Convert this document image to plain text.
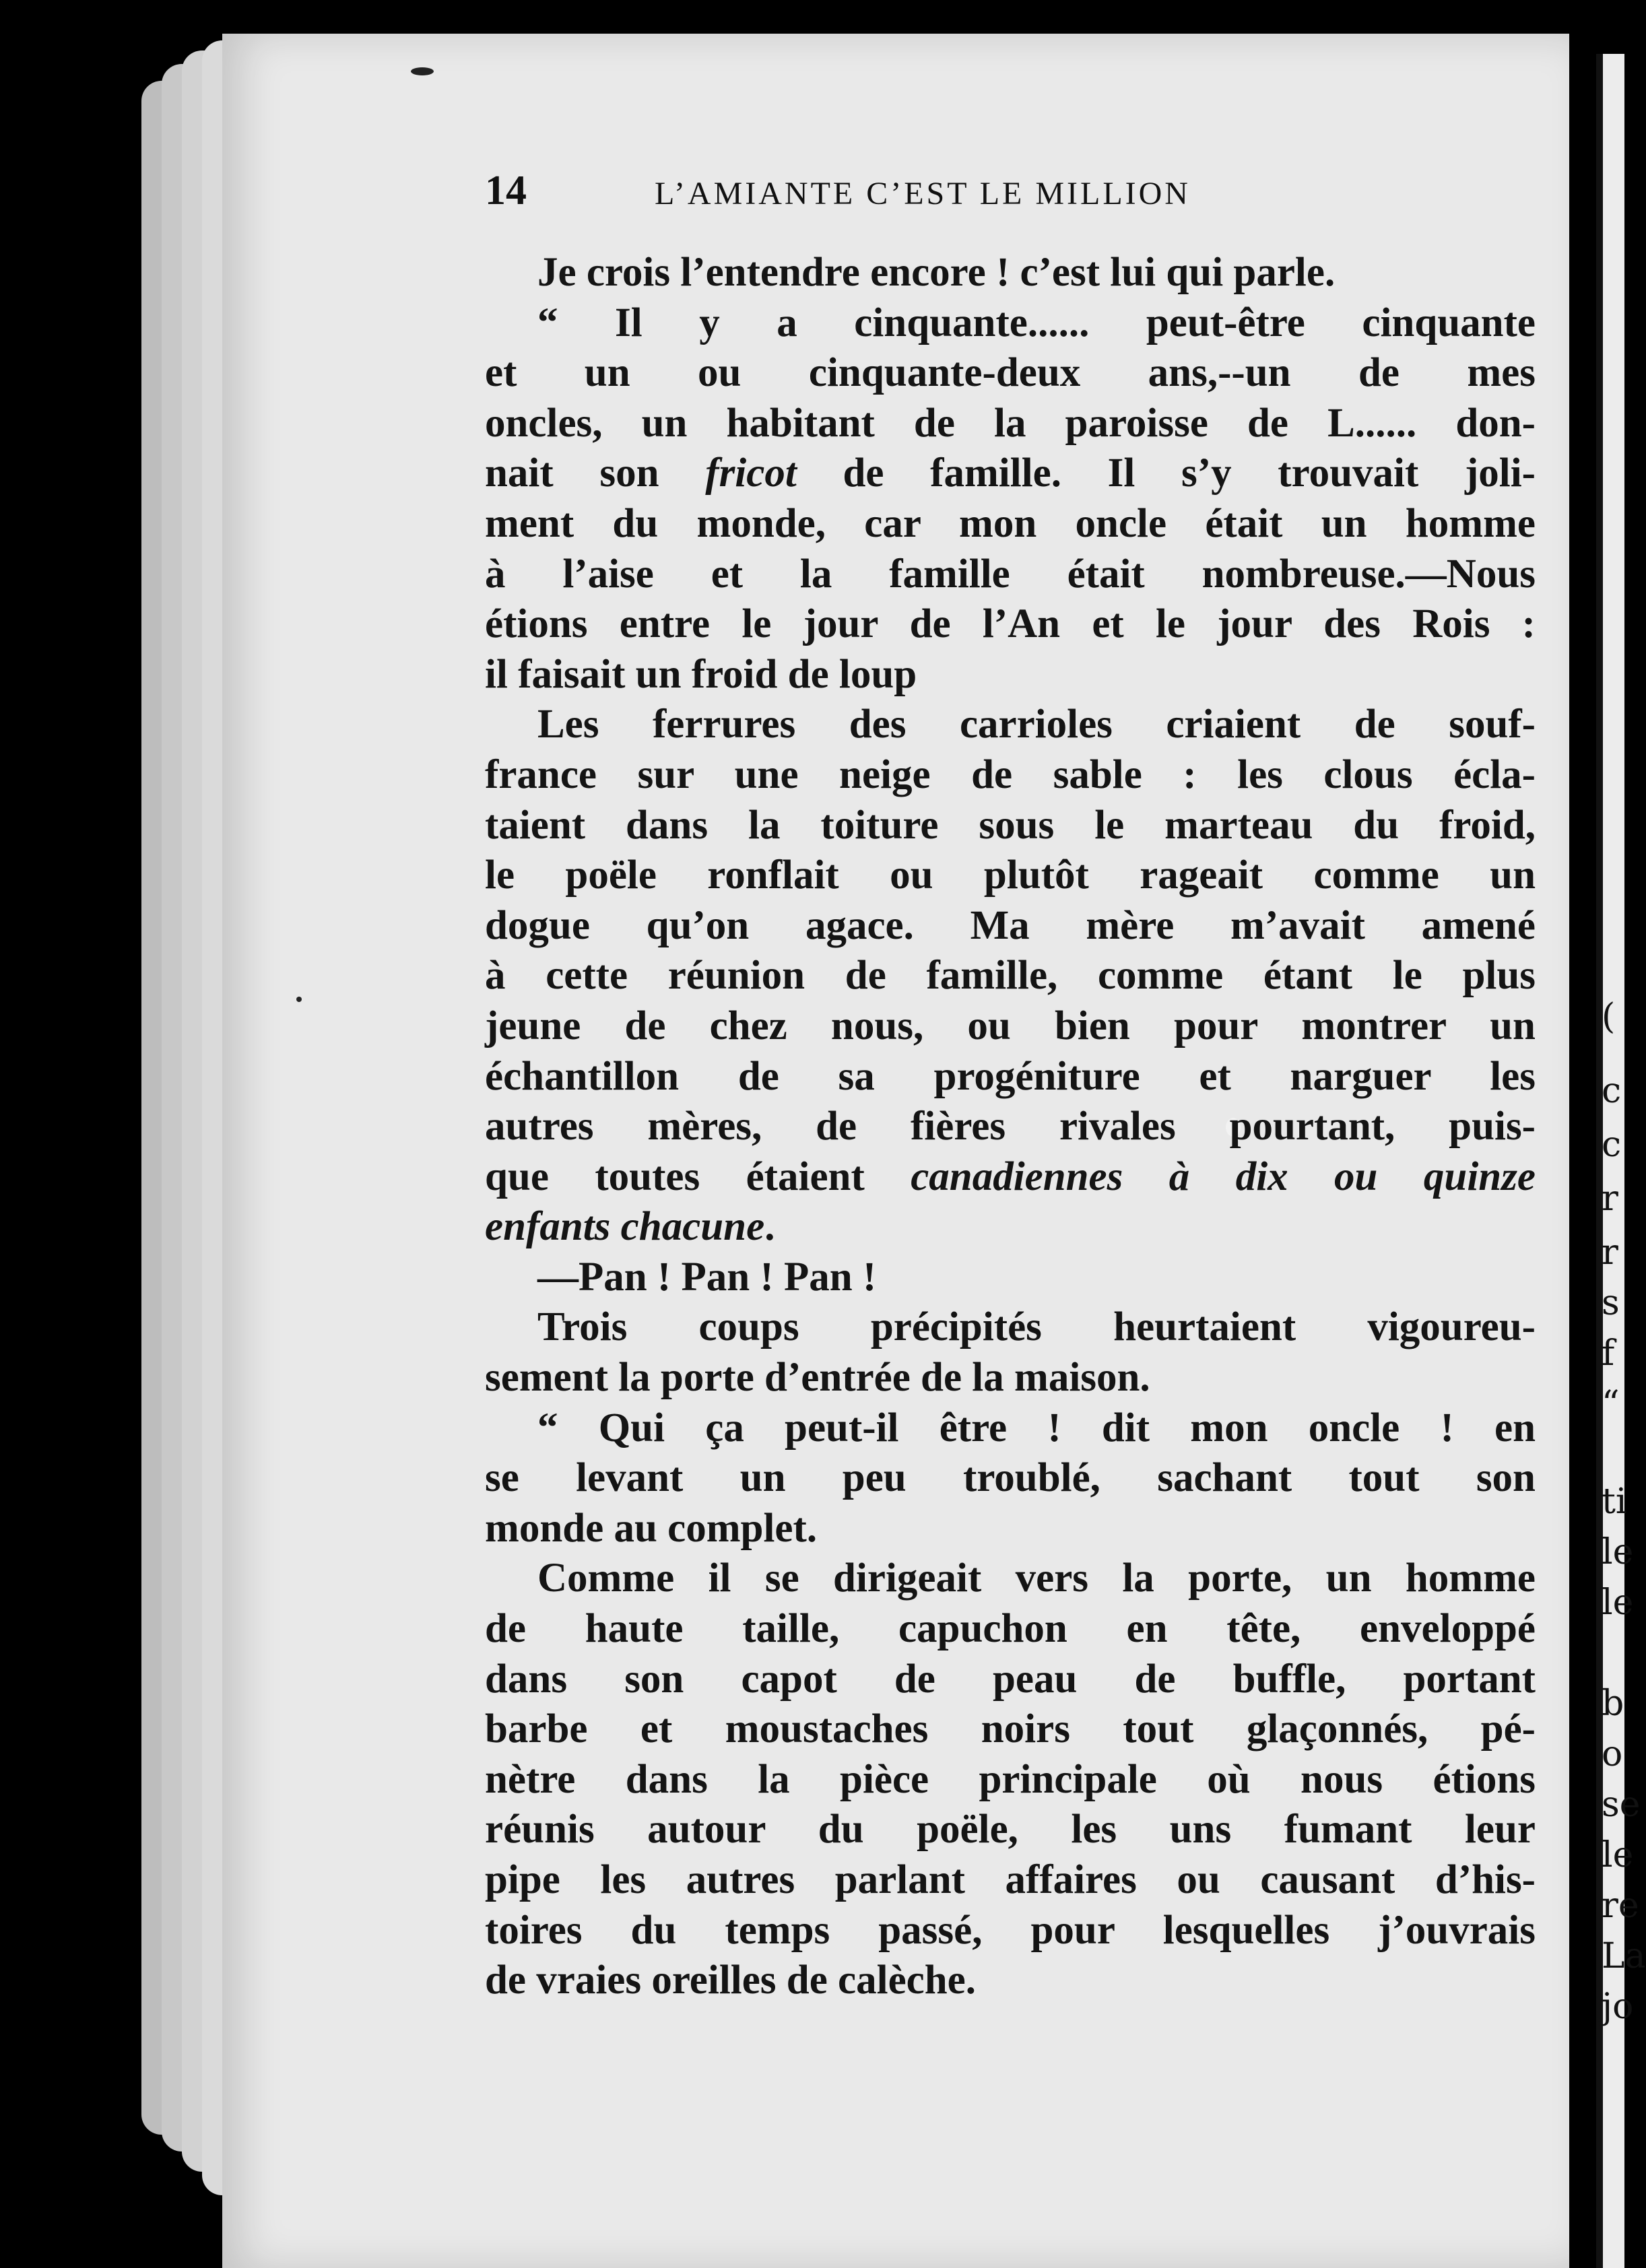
(
c
c
r
r
s
f
“
ti
le
le
b
o
se
le
re
La
jo
14	L’AMIANTE C’EST LE MILLION
Je crois l’entendre encore ! c’est lui qui parle.
“ Il y a cinquante...... peut-être cinquante
et un ou cinquante-deux ans,--un de mes
oncles, un habitant de la paroisse de L...... don-
nait son fricot de famille. Il s’y trouvait joli-
ment du monde, car mon oncle était un homme
à l’aise et la famille était nombreuse.—Nous
étions entre le jour de l’An et le jour des Rois :
il faisait un froid de loup
Les ferrures des carrioles criaient de souf-
france sur une neige de sable : les clous écla-
taient dans la toiture sous le marteau du froid,
le poële ronflait ou plutôt rageait comme un
dogue qu’on agace. Ma mère m’avait amené
à cette réunion de famille, comme étant le plus
jeune de chez nous, ou bien pour montrer un
échantillon de sa progéniture et narguer les
autres mères, de fières rivales pourtant, puis-
que toutes étaient canadiennes à dix ou quinze
enfants chacune.
—Pan ! Pan ! Pan !
Trois coups précipités heurtaient vigoureu-
sement la porte d’entrée de la maison.
“ Qui ça peut-il être ! dit mon oncle ! en
se levant un peu troublé, sachant tout son
monde au complet.
Comme il se dirigeait vers la porte, un homme
de haute taille, capuchon en tête, enveloppé
dans son capot de peau de buffle, portant
barbe et moustaches noirs tout glaçonnés, pé-
nètre dans la pièce principale où nous étions
réunis autour du poële, les uns fumant leur
pipe les autres parlant affaires ou causant d’his-
toires du temps passé, pour lesquelles j’ouvrais
de vraies oreilles de calèche.
